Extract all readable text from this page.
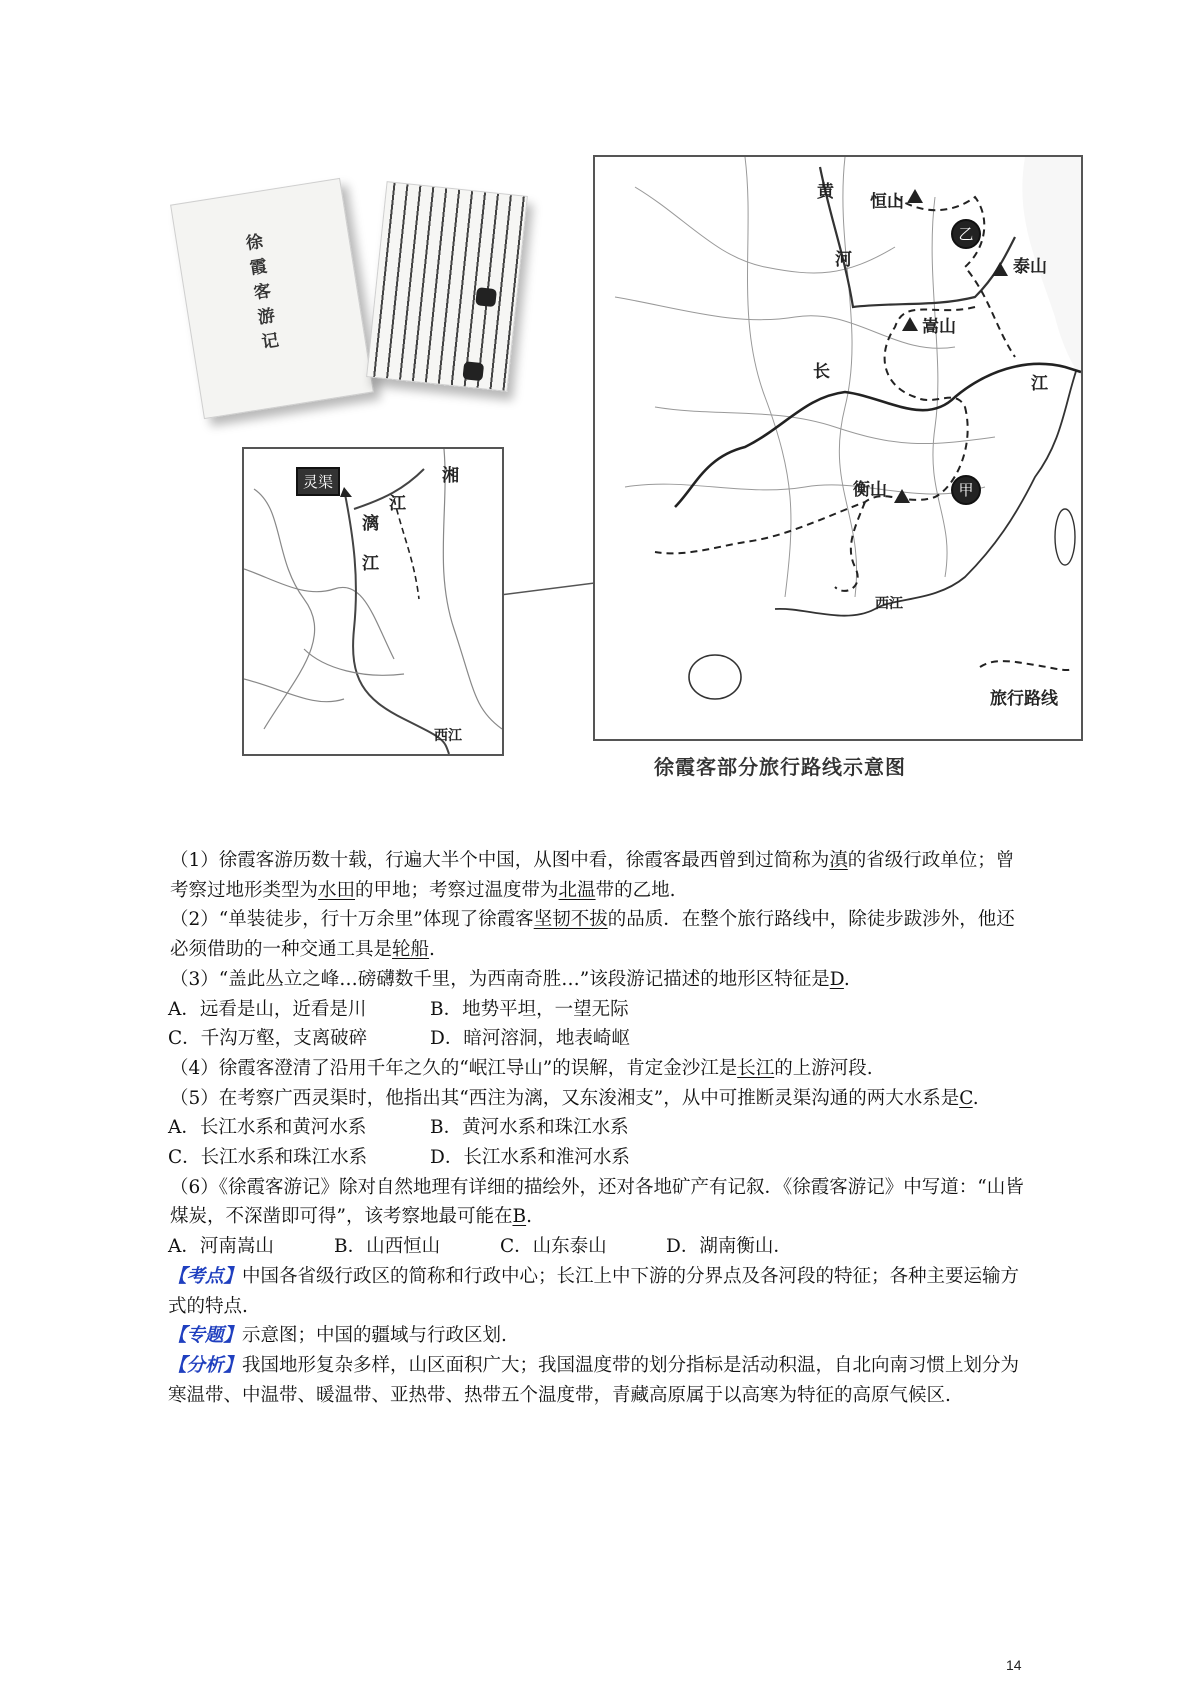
徐霞客游记
灵渠
漓
江
湘
江
西江
黄
河
恒山
泰山
嵩山
长
江
衡山
西江
乙
甲
旅行路线
徐霞客部分旅行路线示意图

（1）徐霞客游历数十载，行遍大半个中国，从图中看，徐霞客最西曾到过简称为滇的省级行政单位；曾考察过地形类型为水田的甲地；考察过温度带为北温带的乙地.

（2）“单装徒步，行十万余里”体现了徐霞客坚韧不拔的品质．在整个旅行路线中，除徒步跋涉外，他还必须借助的一种交通工具是轮船.

（3）“盖此丛立之峰…磅礴数千里，为西南奇胜…”该段游记描述的地形区特征是D.

A．远看是山，近看是川	B．地势平坦，一望无际

C．千沟万壑，支离破碎	D．暗河溶洞，地表崎岖

（4）徐霞客澄清了沿用千年之久的“岷江导山”的误解，肯定金沙江是长江的上游河段.

（5）在考察广西灵渠时，他指出其“西注为漓，又东浚湘支”，从中可推断灵渠沟通的两大水系是C.

A．长江水系和黄河水系	B．黄河水系和珠江水系

C．长江水系和珠江水系	D．长江水系和淮河水系

（6）《徐霞客游记》除对自然地理有详细的描绘外，还对各地矿产有记叙．《徐霞客游记》中写道：“山皆煤炭，不深凿即可得”，该考察地最可能在B.

A．河南嵩山	B．山西恒山	C．山东泰山	D．湖南衡山．

【考点】中国各省级行政区的简称和行政中心；长江上中下游的分界点及各河段的特征；各种主要运输方式的特点.

【专题】示意图；中国的疆域与行政区划.

【分析】我国地形复杂多样，山区面积广大；我国温度带的划分指标是活动积温，自北向南习惯上划分为寒温带、中温带、暖温带、亚热带、热带五个温度带，青藏高原属于以高寒为特征的高原气候区.

14
